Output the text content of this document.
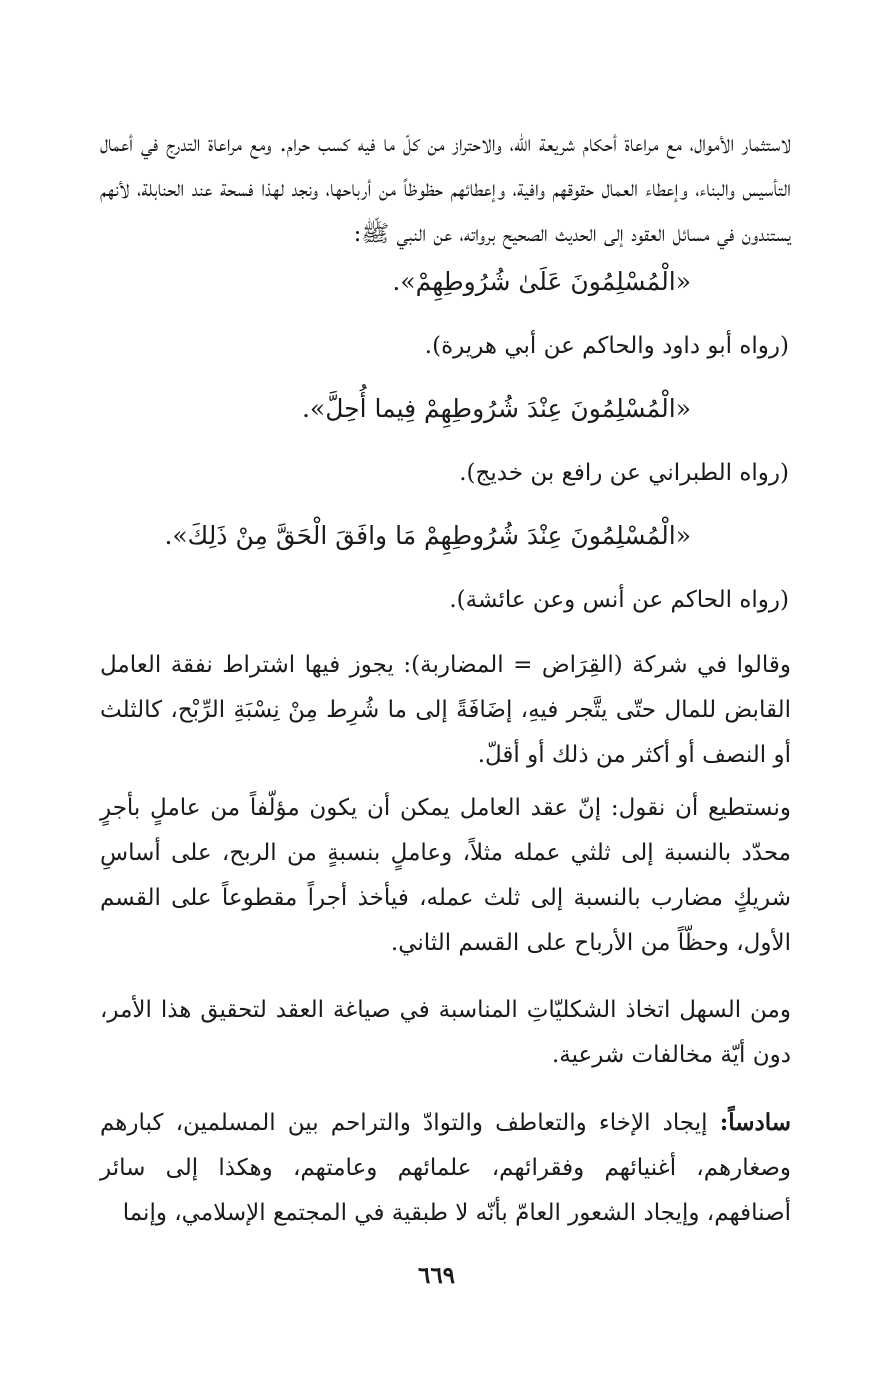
لاستثمار الأموال، مع مراعاة أحكام شريعة الله، والاحتراز من كلّ ما فيه كسب حرام. ومع مراعاة التدرج في أعمال التأسيس والبناء، وإعطاء العمال حقوقهم وافية، وإعطائهم حظوظاً من أرباحها، ونجد لهذا فسحة عند الحنابلة، لأنهم يستندون في مسائل العقود إلى الحديث الصحيح برواته، عن النبي ﷺ:

«الْمُسْلِمُونَ عَلَىٰ شُرُوطِهِمْ».

(رواه أبو داود والحاكم عن أبي هريرة).

«الْمُسْلِمُونَ عِنْدَ شُرُوطِهِمْ فِيما أُحِلَّ».

(رواه الطبراني عن رافع بن خديج).

«الْمُسْلِمُونَ عِنْدَ شُرُوطِهِمْ مَا وافَقَ الْحَقَّ مِنْ ذَلِكَ».

(رواه الحاكم عن أنس وعن عائشة).

وقالوا في شركة (القِرَاض = المضاربة): يجوز فيها اشتراط نفقة العامل القابض للمال حتّى يتَّجر فيهِ، إضَافَةً إلى ما شُرِط مِنْ نِسْبَةِ الرِّبْح، كالثلث أو النصف أو أكثر من ذلك أو أقلّ.

ونستطيع أن نقول: إنّ عقد العامل يمكن أن يكون مؤلّفاً من عاملٍ بأجرٍ محدّد بالنسبة إلى ثلثي عمله مثلاً، وعاملٍ بنسبةٍ من الربح، على أساسِ شريكٍ مضارب بالنسبة إلى ثلث عمله، فيأخذ أجراً مقطوعاً على القسم الأول، وحظّاً من الأرباح على القسم الثاني.

ومن السهل اتخاذ الشكليّاتِ المناسبة في صياغة العقد لتحقيق هذا الأمر، دون أيّة مخالفات شرعية.

سادساً: إيجاد الإخاء والتعاطف والتوادّ والتراحم بين المسلمين، كبارهم وصغارهم، أغنيائهم وفقرائهم، علمائهم وعامتهم، وهكذا إلى سائر أصنافهم، وإيجاد الشعور العامّ بأنّه لا طبقية في المجتمع الإسلامي، وإنما

٦٦٩
